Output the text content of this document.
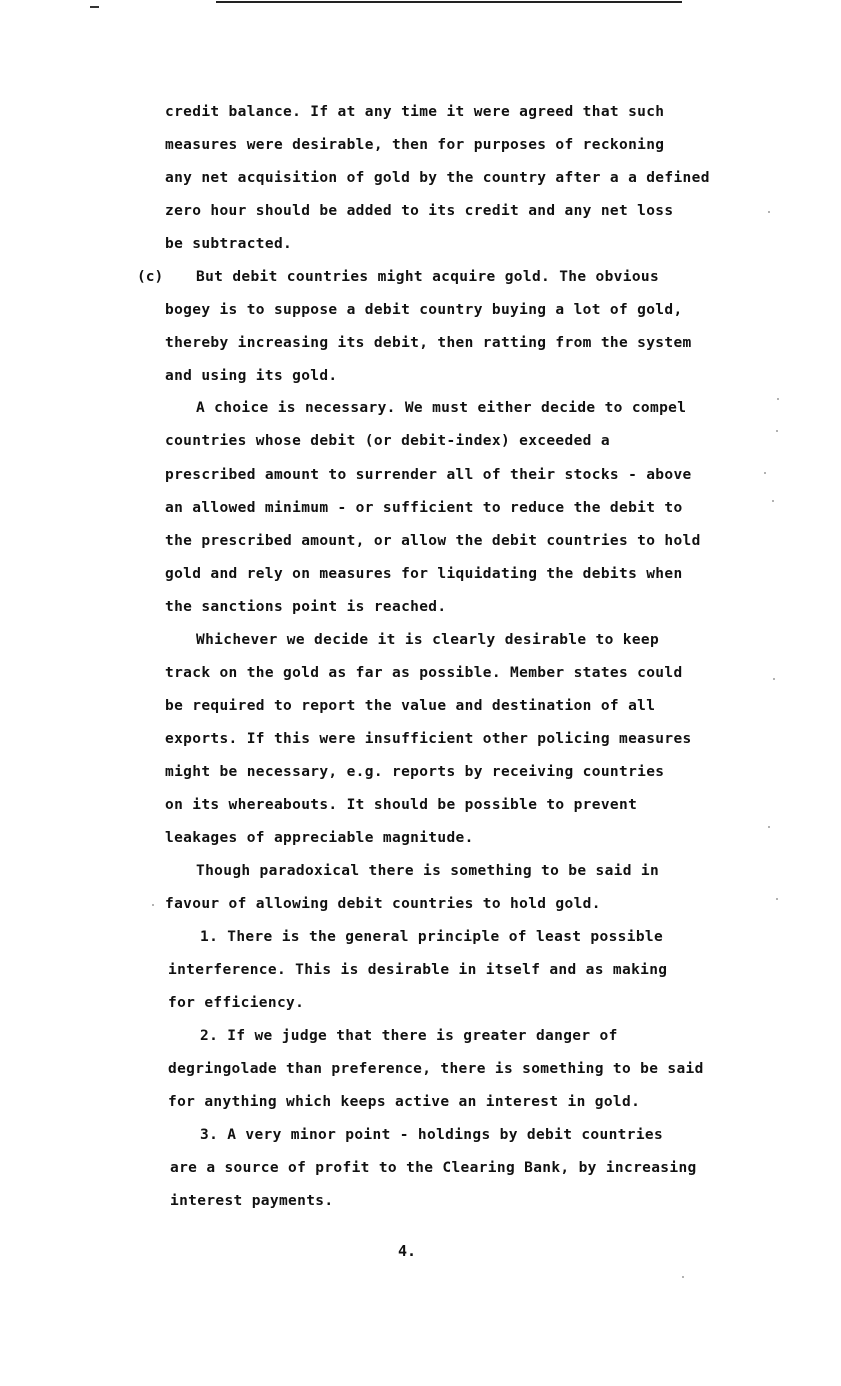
credit balance. If at any time it were agreed that such
measures were desirable, then for purposes of reckoning
any net acquisition of gold by the country after a a defined
zero hour should be added to its credit and any net loss
be subtracted.
(c) But debit countries might acquire gold. The obvious
bogey is to suppose a debit country buying a lot of gold,
thereby increasing its debit, then ratting from the system
and using its gold.
A choice is necessary. We must either decide to compel
countries whose debit (or debit-index) exceeded a
prescribed amount to surrender all of their stocks - above
an allowed minimum - or sufficient to reduce the debit to
the prescribed amount, or allow the debit countries to hold
gold and rely on measures for liquidating the debits when
the sanctions point is reached.
Whichever we decide it is clearly desirable to keep
track on the gold as far as possible. Member states could
be required to report the value and destination of all
exports. If this were insufficient other policing measures
might be necessary, e.g. reports by receiving countries
on its whereabouts. It should be possible to prevent
leakages of appreciable magnitude.
Though paradoxical there is something to be said in
favour of allowing debit countries to hold gold.
1. There is the general principle of least possible
interference. This is desirable in itself and as making
for efficiency.
2. If we judge that there is greater danger of
degringolade than preference, there is something to be said
for anything which keeps active an interest in gold.
3. A very minor point - holdings by debit countries
are a source of profit to the Clearing Bank, by increasing
interest payments.
4.
